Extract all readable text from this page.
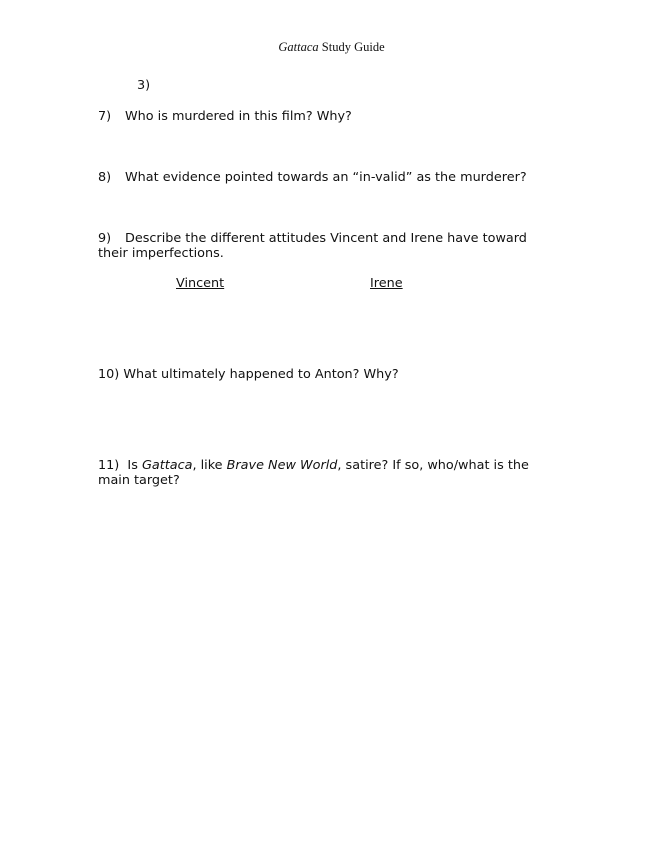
Gattaca Study Guide
3)
7) Who is murdered in this film? Why?
8) What evidence pointed towards an “in-valid” as the murderer?
9) Describe the different attitudes Vincent and Irene have toward their imperfections.
Vincent	Irene
10) What ultimately happened to Anton? Why?
11) Is Gattaca, like Brave New World, satire? If so, who/what is the main target?
